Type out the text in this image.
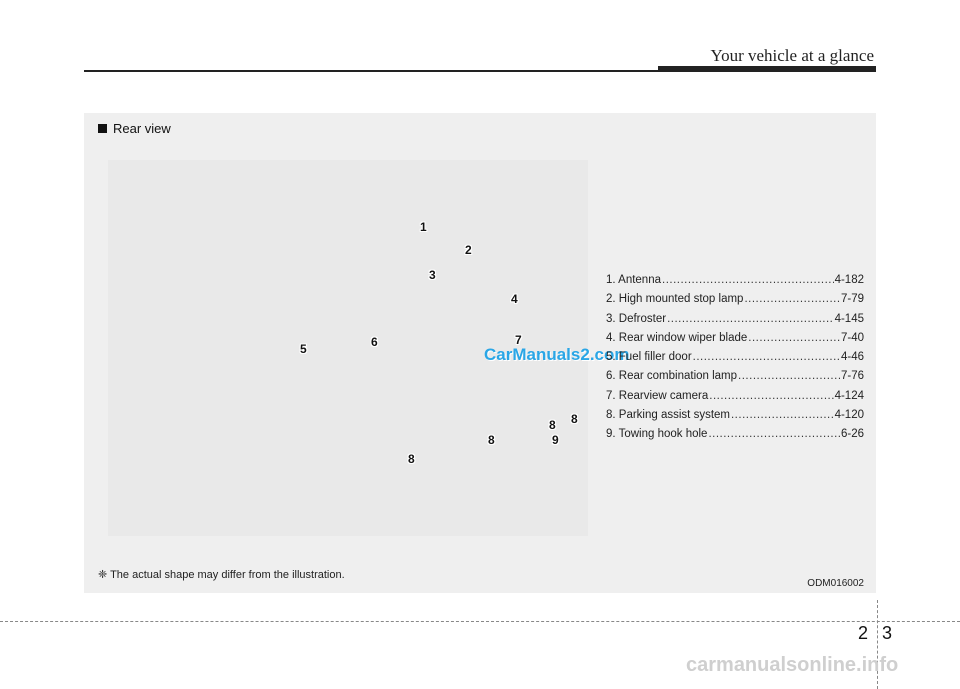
Your vehicle at a glance
Rear view
1
2
3
4
5	6	7
8 8
8
8
9
CarManuals2.com
1. Antenna .....	4-182
2. High mounted stop lamp .....	7-79
3. Defroster .....	4-145
4. Rear window wiper blade .....	7-40
5. Fuel filler door .....	4-46
6. Rear combination lamp .....	7-76
7. Rearview camera .....	4-124
8. Parking assist system .....	4-120
9. Towing hook hole .....	6-26
❈ The actual shape may differ from the illustration.
ODM016002
2 3
carmanualsonline.info
